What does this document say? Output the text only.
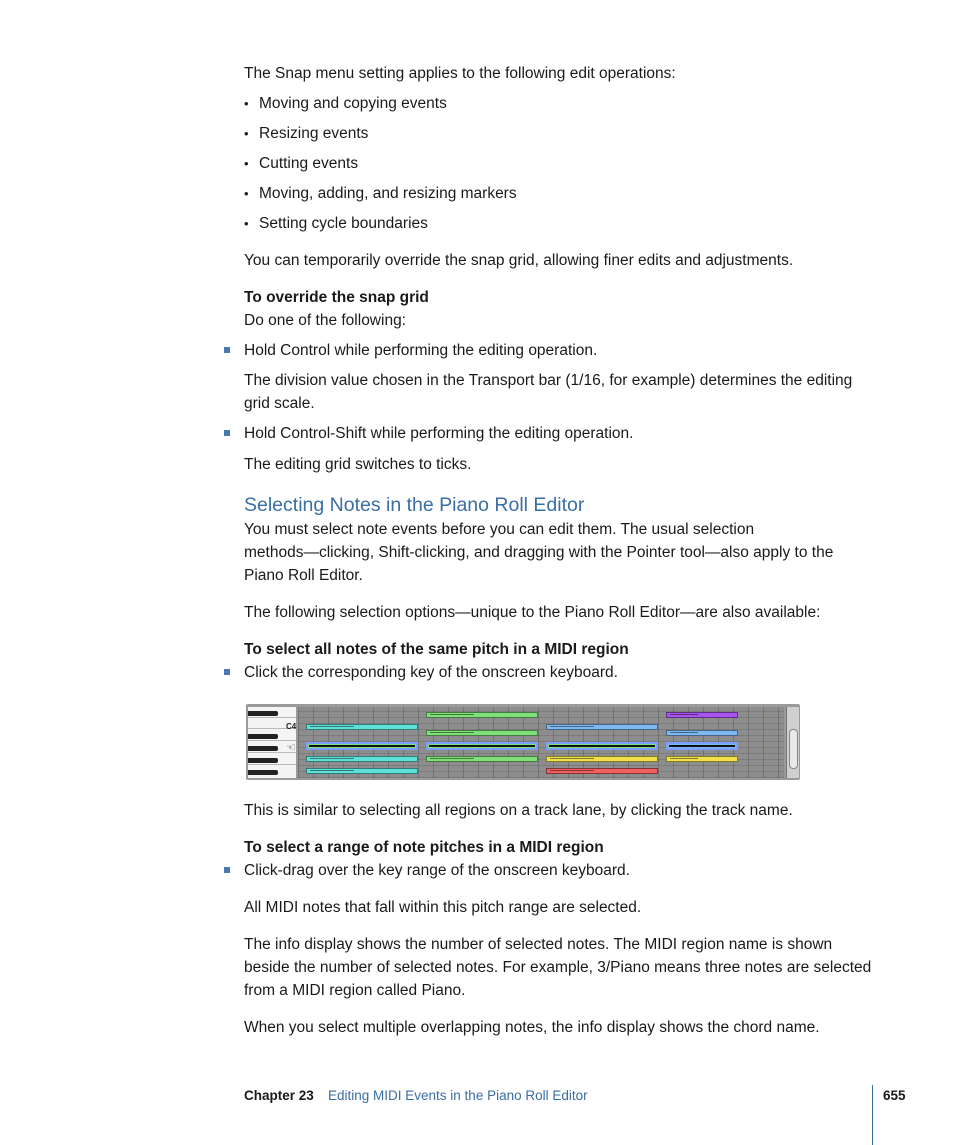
The Snap menu setting applies to the following edit operations:
Moving and copying events
Resizing events
Cutting events
Moving, adding, and resizing markers
Setting cycle boundaries
You can temporarily override the snap grid, allowing finer edits and adjustments.
To override the snap grid
Do one of the following:
Hold Control while performing the editing operation.
The division value chosen in the Transport bar (1/16, for example) determines the editing
grid scale.
Hold Control-Shift while performing the editing operation.
The editing grid switches to ticks.
Selecting Notes in the Piano Roll Editor
You must select note events before you can edit them. The usual selection
methods—clicking, Shift-clicking, and dragging with the Pointer tool—also apply to the
Piano Roll Editor.
The following selection options—unique to the Piano Roll Editor—are also available:
To select all notes of the same pitch in a MIDI region
Click the corresponding key of the onscreen keyboard.
C4
☜
This is similar to selecting all regions on a track lane, by clicking the track name.
To select a range of note pitches in a MIDI region
Click-drag over the key range of the onscreen keyboard.
All MIDI notes that fall within this pitch range are selected.
The info display shows the number of selected notes. The MIDI region name is shown
beside the number of selected notes. For example, 3/Piano means three notes are selected
from a MIDI region called Piano.
When you select multiple overlapping notes, the info display shows the chord name.
Chapter 23 Editing MIDI Events in the Piano Roll Editor	655
